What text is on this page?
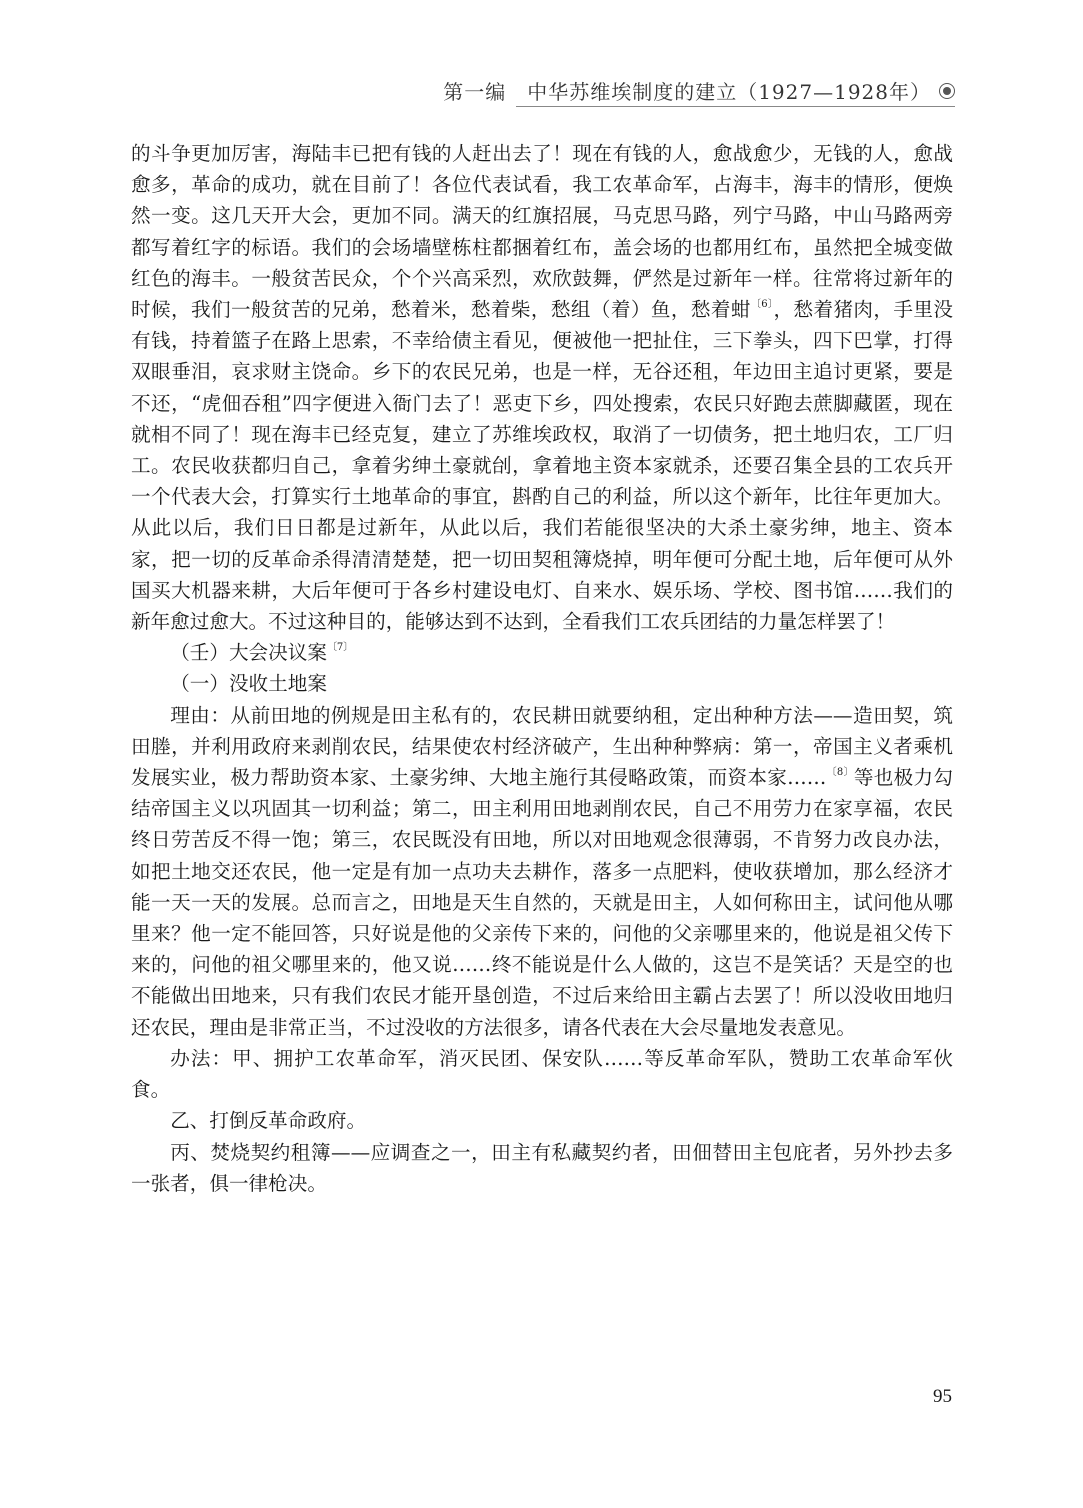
第一编　中华苏维埃制度的建立（1927—1928年）

的斗争更加厉害，海陆丰已把有钱的人赶出去了！现在有钱的人，愈战愈少，无钱的人，愈战愈多，革命的成功，就在目前了！各位代表试看，我工农革命军，占海丰，海丰的情形，便焕然一变。这几天开大会，更加不同。满天的红旗招展，马克思马路，列宁马路，中山马路两旁都写着红字的标语。我们的会场墙壁栋柱都捆着红布，盖会场的也都用红布，虽然把全城变做红色的海丰。一般贫苦民众，个个兴高采烈，欢欣鼓舞，俨然是过新年一样。往常将过新年的时候，我们一般贫苦的兄弟，愁着米，愁着柴，愁组（着）鱼，愁着蚶$^{〔6〕}$，愁着猪肉，手里没有钱，持着篮子在路上思索，不幸给债主看见，便被他一把扯住，三下拳头，四下巴掌，打得双眼垂泪，哀求财主饶命。乡下的农民兄弟，也是一样，无谷还租，年边田主追讨更紧，要是不还，“虎佃吞租”四字便进入衙门去了！恶吏下乡，四处搜索，农民只好跑去蔗脚藏匿，现在就相不同了！现在海丰已经克复，建立了苏维埃政权，取消了一切债务，把土地归农，工厂归工。农民收获都归自己，拿着劣绅土豪就刣，拿着地主资本家就杀，还要召集全县的工农兵开一个代表大会，打算实行土地革命的事宜，斟酌自己的利益，所以这个新年，比往年更加大。从此以后，我们日日都是过新年，从此以后，我们若能很坚决的大杀土豪劣绅，地主、资本家，把一切的反革命杀得清清楚楚，把一切田契租簿烧掉，明年便可分配土地，后年便可从外国买大机器来耕，大后年便可于各乡村建设电灯、自来水、娱乐场、学校、图书馆……我们的新年愈过愈大。不过这种目的，能够达到不达到，全看我们工农兵团结的力量怎样罢了！

（壬）大会决议案$^{〔7〕}$

（一）没收土地案

理由：从前田地的例规是田主私有的，农民耕田就要纳租，定出种种方法——造田契，筑田塍，并利用政府来剥削农民，结果使农村经济破产，生出种种弊病：第一，帝国主义者乘机发展实业，极力帮助资本家、土豪劣绅、大地主施行其侵略政策，而资本家……$^{〔8〕}$等也极力勾结帝国主义以巩固其一切利益；第二，田主利用田地剥削农民，自己不用劳力在家享福，农民终日劳苦反不得一饱；第三，农民既没有田地，所以对田地观念很薄弱，不肯努力改良办法，如把土地交还农民，他一定是有加一点功夫去耕作，落多一点肥料，使收获增加，那么经济才能一天一天的发展。总而言之，田地是天生自然的，天就是田主，人如何称田主，试问他从哪里来？他一定不能回答，只好说是他的父亲传下来的，问他的父亲哪里来的，他说是祖父传下来的，问他的祖父哪里来的，他又说……终不能说是什么人做的，这岂不是笑话？天是空的也不能做出田地来，只有我们农民才能开垦创造，不过后来给田主霸占去罢了！所以没收田地归还农民，理由是非常正当，不过没收的方法很多，请各代表在大会尽量地发表意见。

办法：甲、拥护工农革命军，消灭民团、保安队……等反革命军队，赞助工农革命军伙食。

乙、打倒反革命政府。

丙、焚烧契约租簿——应调查之一，田主有私藏契约者，田佃替田主包庇者，另外抄去多一张者，俱一律枪决。

95
